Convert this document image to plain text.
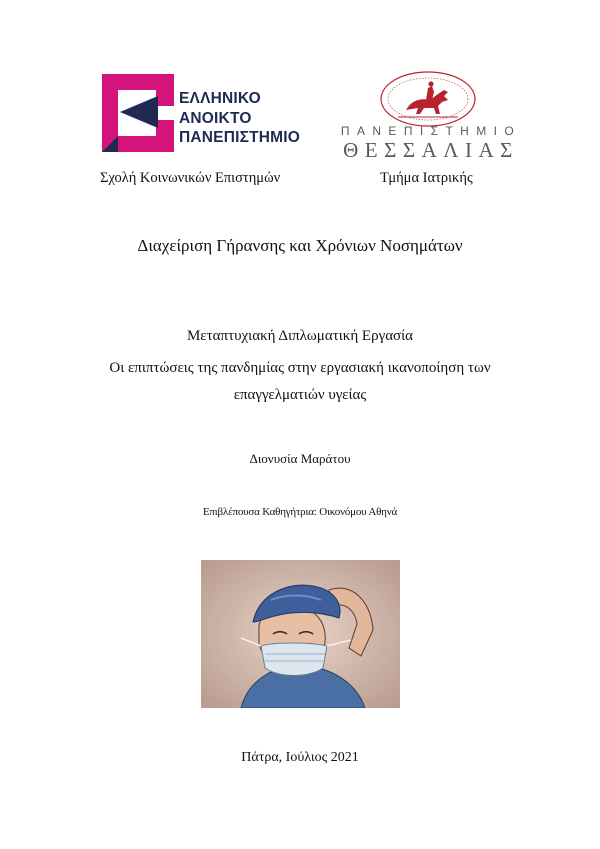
ΕΛΛΗΝΙΚΟ
ΑΝΟΙΚΤΟ
ΠΑΝΕΠΙΣΤΗΜΙΟ	ΠΑΝΕΠΙΣΤΗΜΙΟ
ΘΕΣΣΑΛΙΑΣ
Σχολή Κοινωνικών Επιστημών	Τμήμα Ιατρικής
Διαχείριση Γήρανσης και Χρόνιων Νοσημάτων
Μεταπτυχιακή Διπλωματική Εργασία
Οι επιπτώσεις της πανδημίας στην εργασιακή ικανοποίηση των
επαγγελματιών υγείας
Διονυσία Μαράτου
Επιβλέπουσα Καθηγήτρια: Οικονόμου Αθηνά
Πάτρα, Ιούλιος 2021
